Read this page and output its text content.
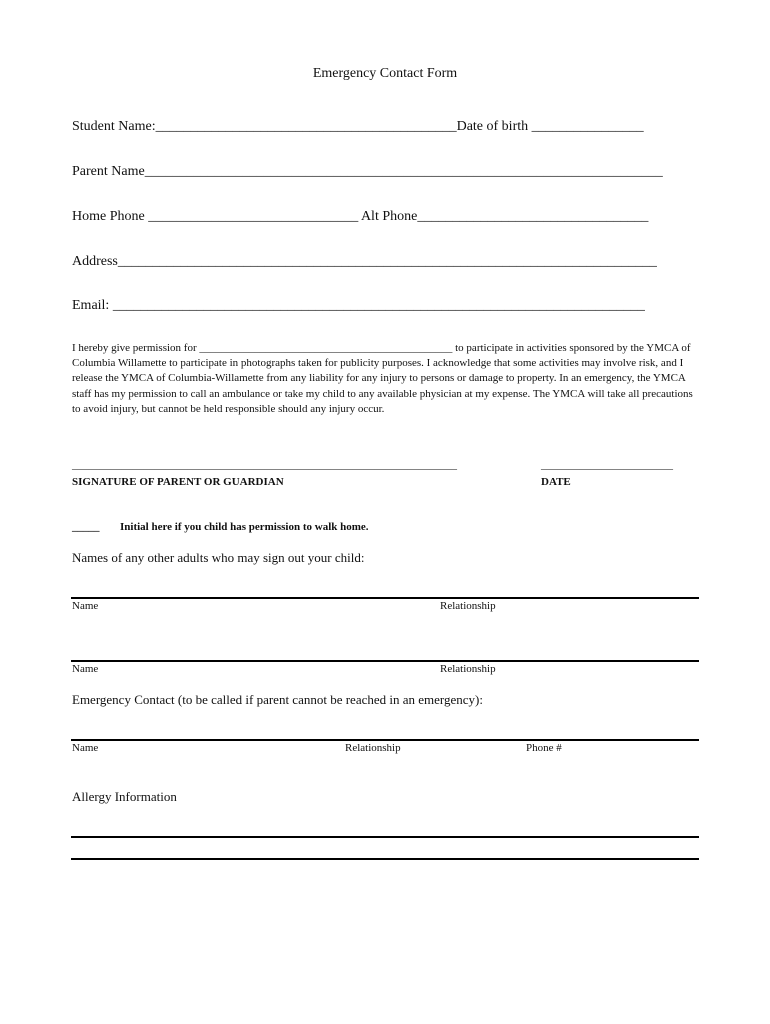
Emergency Contact Form
Student Name:___________________________________________Date of birth ________________
Parent Name__________________________________________________________________________
Home Phone ______________________________ Alt Phone_________________________________
Address_____________________________________________________________________________
Email: ____________________________________________________________________________
I hereby give permission for ______________________________________________ to participate in activities sponsored by the YMCA of Columbia Willamette to participate in photographs taken for publicity purposes. I acknowledge that some activities may involve risk, and I release the YMCA of Columbia-Willamette from any liability for any injury to persons or damage to property. In an emergency, the YMCA staff has my permission to call an ambulance or take my child to any available physician at my expense. The YMCA will take all precautions to avoid injury, but cannot be held responsible should any injury occur.
______________________________________________________________________	________________________
SIGNATURE OF PARENT OR GUARDIAN	DATE
_____ Initial here if you child has permission to walk home.
Names of any other adults who may sign out your child:
Name	Relationship
Name	Relationship
Emergency Contact (to be called if parent cannot be reached in an emergency):
Name	Relationship	Phone #
Allergy Information
